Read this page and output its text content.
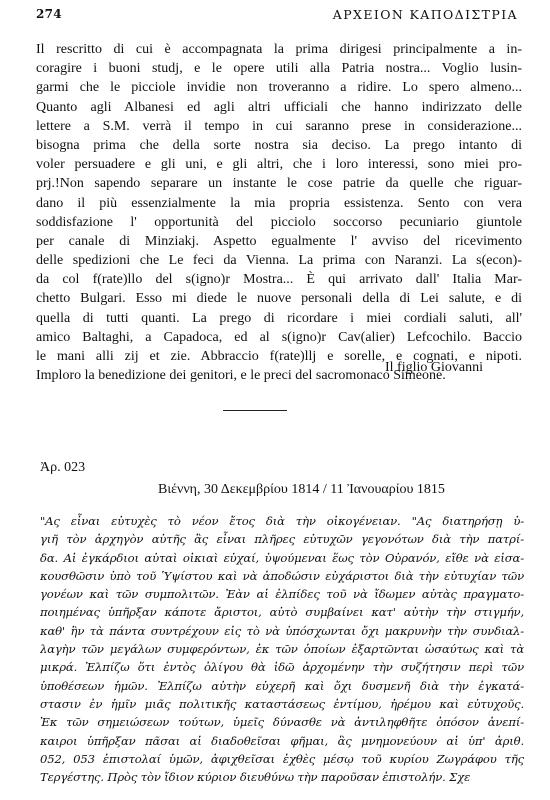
274	ΑΡΧΕΙΟΝ ΚΑΠΟΔΙΣΤΡΙΑ
Il rescritto di cui è accompagnata la prima dirigesi principalmente a in-
coragire i buoni studj, e le opere utili alla Patria nostra... Voglio lusin-
garmi che le picciole invidie non troveranno a ridire. Lo spero almeno...
Quanto agli Albanesi ed agli altri ufficiali che hanno indirizzato delle
lettere a S.M. verrà il tempo in cui saranno prese in considerazione...
bisogna prima che della sorte nostra sia deciso. La prego intanto di
voler persuadere e gli uni, e gli altri, che i loro interessi, sono miei pro-
prj.!Non sapendo separare un instante le cose patrie da quelle che riguar-
dano il più essenzialmente la mia propria essistenza. Sento con vera
soddisfazione l' opportunità del picciolo soccorso pecuniario giuntole
per canale di Minziakj. Aspetto egualmente l' avviso del ricevimento
delle spedizioni che Le feci da Vienna. La prima con Naranzi. La s(econ)-
da col f(rate)llo del s(igno)r Mostra... È qui arrivato dall' Italia Mar-
chetto Bulgari. Esso mi diede le nuove personali della di Lei salute, e di
quella di tutti quanti. La prego di ricordare i miei cordiali saluti, all'
amico Baltaghi, a Capadoca, ed al s(igno)r Cav(alier) Lefcochilo. Baccio
le mani alli zij et zie. Abbraccio f(rate)llj e sorelle, e cognati, e nipoti.
Imploro la benedizione dei genitori, e le preci del sacromonaco Simeone.
Il figlio Giovanni
Ἀρ. 023
Βιέννη, 30 Δεκεμβρίου 1814 / 11 Ἰανουαρίου 1815
"Ας εἶναι εὐτυχὲς τὸ νέον ἔτος διὰ τὴν οἰκογένειαν. "Ας διατηρήσῃ ὑ-
γιῆ τὸν ἀρχηγὸν αὐτῆς ἂς εἶναι πλῆρες εὐτυχῶν γεγονότων διὰ τὴν πατρί-
δα. Αἱ ἐγκάρδιοι αὐταὶ οἰκιαὶ εὐχαί, ὑψούμεναι ἕως τὸν Οὐρανόν, εἴθε νὰ εἰσα-
κουσθῶσιν ὑπὸ τοῦ Ὑψίστου καὶ νὰ ἀποδώσιν εὐχάριστοι διὰ τὴν εὐτυχίαν τῶν
γονέων καὶ τῶν συμπολιτῶν. Ἐὰν αἱ ἐλπίδες τοῦ νὰ ἴδωμεν αὐτὰς πραγματο-
ποιημένας ὑπῆρξαν κάποτε ἄριστοι, αὐτὸ συμβαίνει κατ' αὐτὴν τὴν στιγμήν,
καθ' ἣν τὰ πάντα συντρέχουν εἰς τὸ νὰ ὑπόσχωνται ὄχι μακρυνὴν τὴν συνδιαλ-
λαγὴν τῶν μεγάλων συμφερόντων, ἐκ τῶν ὁποίων ἐξαρτῶνται ὡσαύτως καὶ τὰ
μικρά. Ἐλπίζω ὅτι ἐντὸς ὀλίγου θὰ ἰδῶ ἀρχομένην τὴν συζήτησιν περὶ τῶν
ὑποθέσεων ἡμῶν. Ἐλπίζω αὐτὴν εὐχερῆ καὶ ὄχι δυσμενῆ διὰ τὴν ἐγκατά-
στασιν ἐν ἡμῖν μιᾶς πολιτικῆς καταστάσεως ἐντίμου, ἠρέμου καὶ εὐτυχοῦς.
Ἐκ τῶν σημειώσεων τούτων, ὑμεῖς δύνασθε νὰ ἀντιληφθῆτε ὁπόσον ἀνεπί-
καιροι ὑπῆρξαν πᾶσαι αἱ διαδοθεῖσαι φῆμαι, ἃς μνημονεύουν αἱ ὑπ' ἀριθ.
052, 053 ἐπιστολαί ὑμῶν, ἀφιχθεῖσαι ἐχθὲς μέσῳ τοῦ κυρίου Ζωγράφου τῆς
Τεργέστης. Πρὸς τὸν ἴδιον κύριον διευθύνω τὴν παροῦσαν ἐπιστολήν. Σχε
